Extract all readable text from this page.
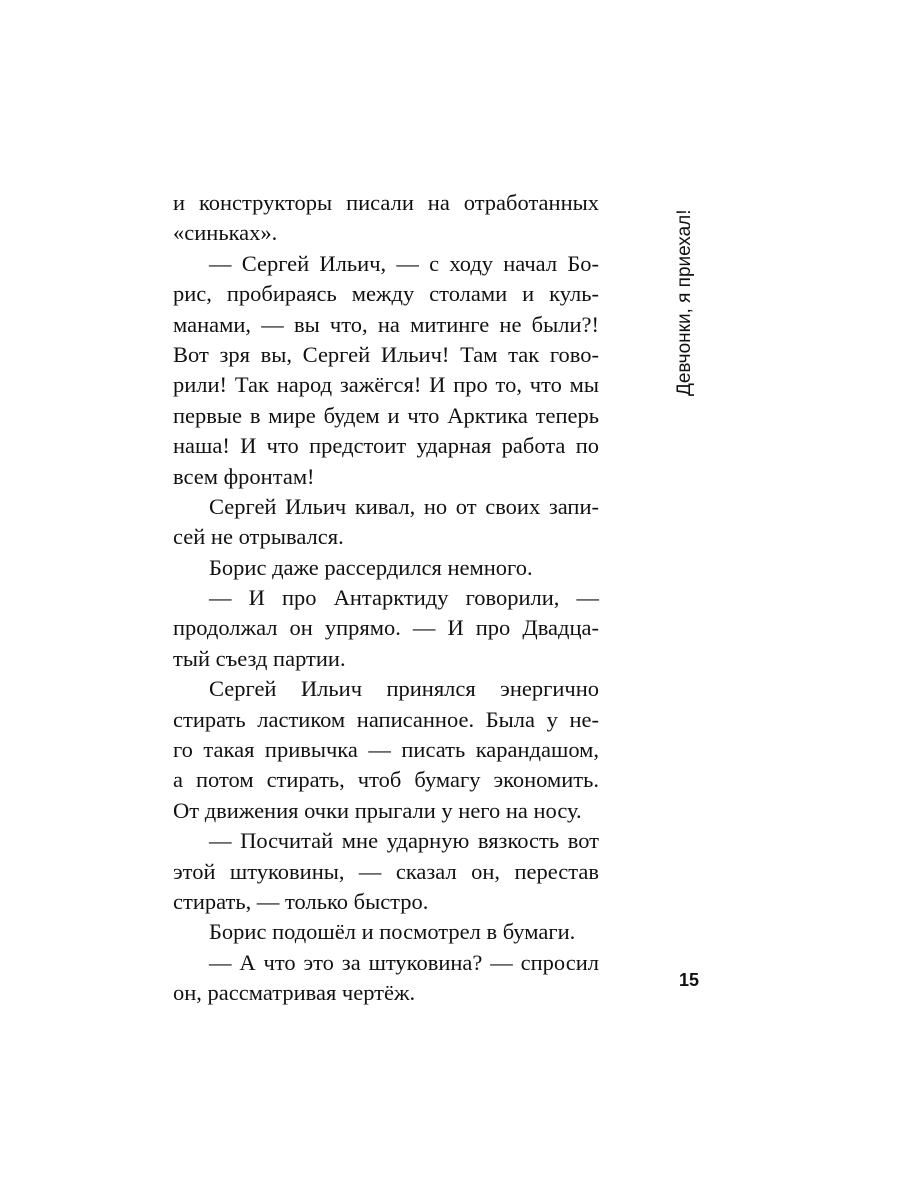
и конструкторы писали на отработанных
«синьках».
— Сергей Ильич, — с ходу начал Бо-
рис, пробираясь между столами и куль-
манами, — вы что, на митинге не были?!
Вот зря вы, Сергей Ильич! Там так гово-
рили! Так народ зажёгся! И про то, что мы
первые в мире будем и что Арктика теперь
наша! И что предстоит ударная работа по
всем фронтам!
Сергей Ильич кивал, но от своих запи-
сей не отрывался.
Борис даже рассердился немного.
— И про Антарктиду говорили, —
продолжал он упрямо. — И про Двадца-
тый съезд партии.
Сергей Ильич принялся энергично
стирать ластиком написанное. Была у не-
го такая привычка — писать карандашом,
а потом стирать, чтоб бумагу экономить.
От движения очки прыгали у него на носу.
— Посчитай мне ударную вязкость вот
этой штуковины, — сказал он, перестав
стирать, — только быстро.
Борис подошёл и посмотрел в бумаги.
— А что это за штуковина? — спросил
он, рассматривая чертёж.
Девчонки, я приехал!
15
